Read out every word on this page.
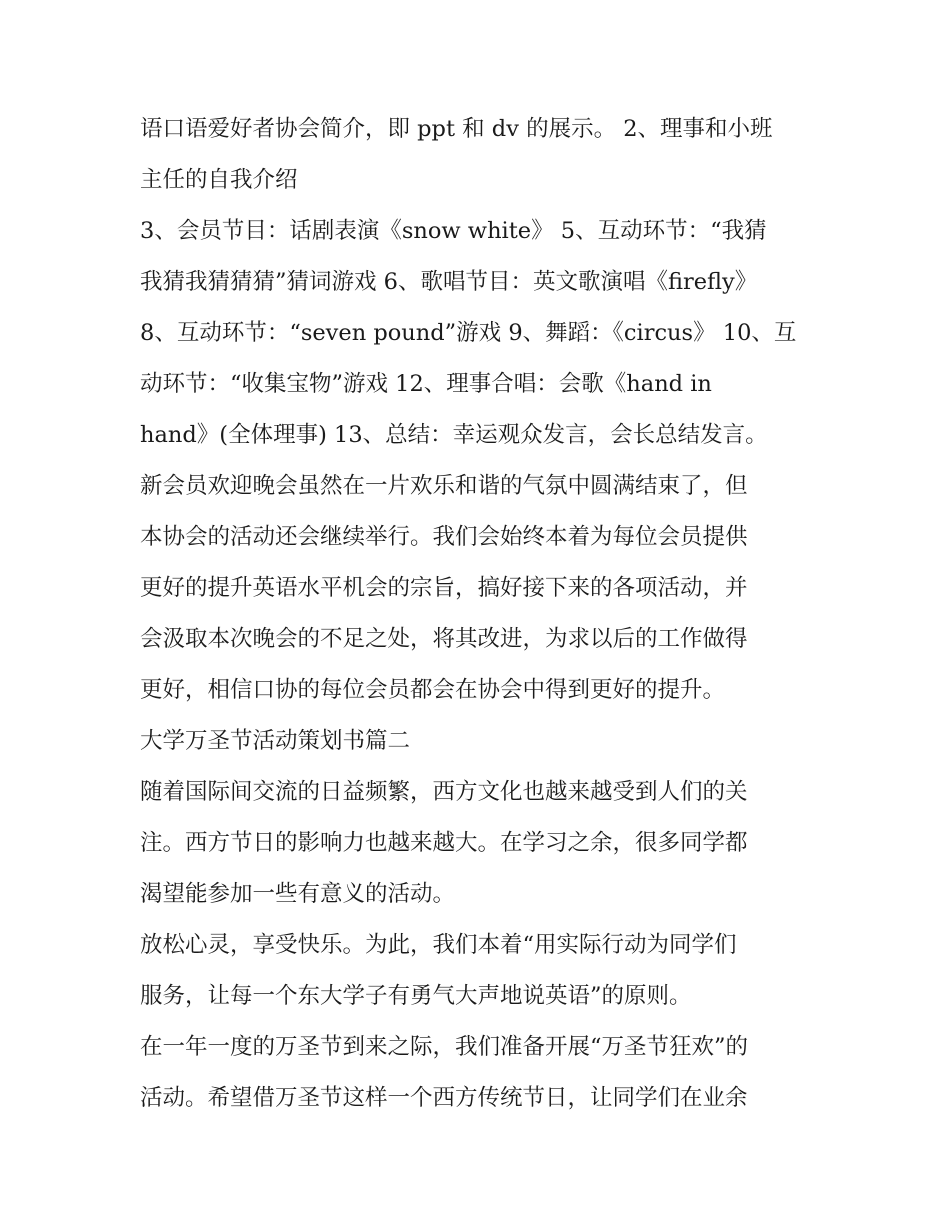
语口语爱好者协会简介，即 ppt 和 dv 的展示。 2、理事和小班
主任的自我介绍
3、会员节目：话剧表演《snow white》 5、互动环节：“我猜
我猜我猜猜猜”猜词游戏 6、歌唱节目：英文歌演唱《firefly》
8、互动环节：“seven pound”游戏 9、舞蹈：《circus》 10、互
动环节：“收集宝物”游戏 12、理事合唱：会歌《hand in
hand》(全体理事) 13、总结：幸运观众发言，会长总结发言。
新会员欢迎晚会虽然在一片欢乐和谐的气氛中圆满结束了，但
本协会的活动还会继续举行。我们会始终本着为每位会员提供
更好的提升英语水平机会的宗旨，搞好接下来的各项活动，并
会汲取本次晚会的不足之处，将其改进，为求以后的工作做得
更好，相信口协的每位会员都会在协会中得到更好的提升。
大学万圣节活动策划书篇二
随着国际间交流的日益频繁，西方文化也越来越受到人们的关
注。西方节日的影响力也越来越大。在学习之余，很多同学都
渴望能参加一些有意义的活动。
放松心灵，享受快乐。为此，我们本着“用实际行动为同学们
服务，让每一个东大学子有勇气大声地说英语”的原则。
在一年一度的万圣节到来之际，我们准备开展“万圣节狂欢”的
活动。希望借万圣节这样一个西方传统节日，让同学们在业余
